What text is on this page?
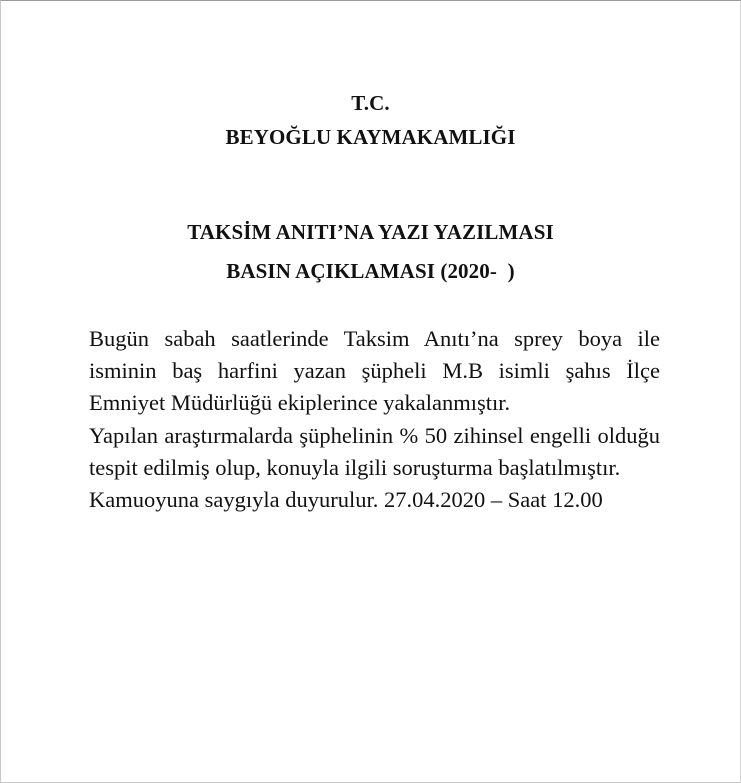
T.C.
BEYOĞLU KAYMAKAMLIĞI
TAKSİM ANITI’NA YAZI YAZILMASI
BASIN AÇIKLAMASI (2020-  )

Bugün sabah saatlerinde Taksim Anıtı’na sprey boya ile isminin baş harfini yazan şüpheli M.B isimli şahıs İlçe Emniyet Müdürlüğü ekiplerince yakalanmıştır.

Yapılan araştırmalarda şüphelinin % 50 zihinsel engelli olduğu tespit edilmiş olup, konuyla ilgili soruşturma başlatılmıştır.

Kamuoyuna saygıyla duyurulur. 27.04.2020 – Saat 12.00
